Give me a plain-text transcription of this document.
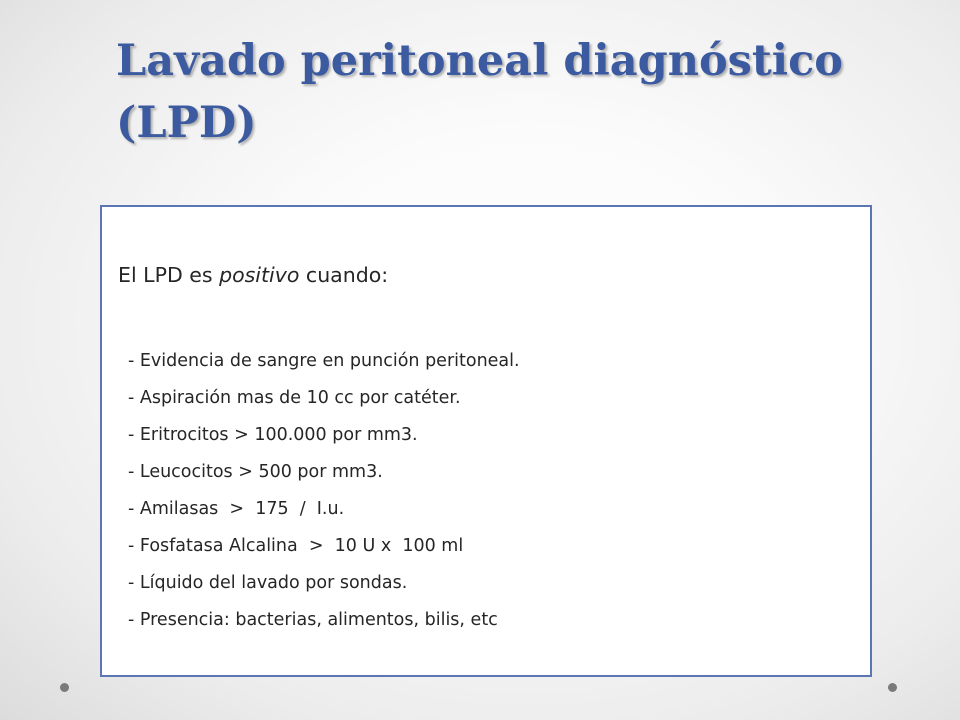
Lavado peritoneal diagnóstico
(LPD)
El LPD es positivo cuando:
- Evidencia de sangre en punción peritoneal.
- Aspiración mas de 10 cc por catéter.
- Eritrocitos > 100.000 por mm3.
- Leucocitos > 500 por mm3.
- Amilasas  >  175  /  I.u.
- Fosfatasa Alcalina  >  10 U x  100 ml
- Líquido del lavado por sondas.
- Presencia: bacterias, alimentos, bilis, etc
